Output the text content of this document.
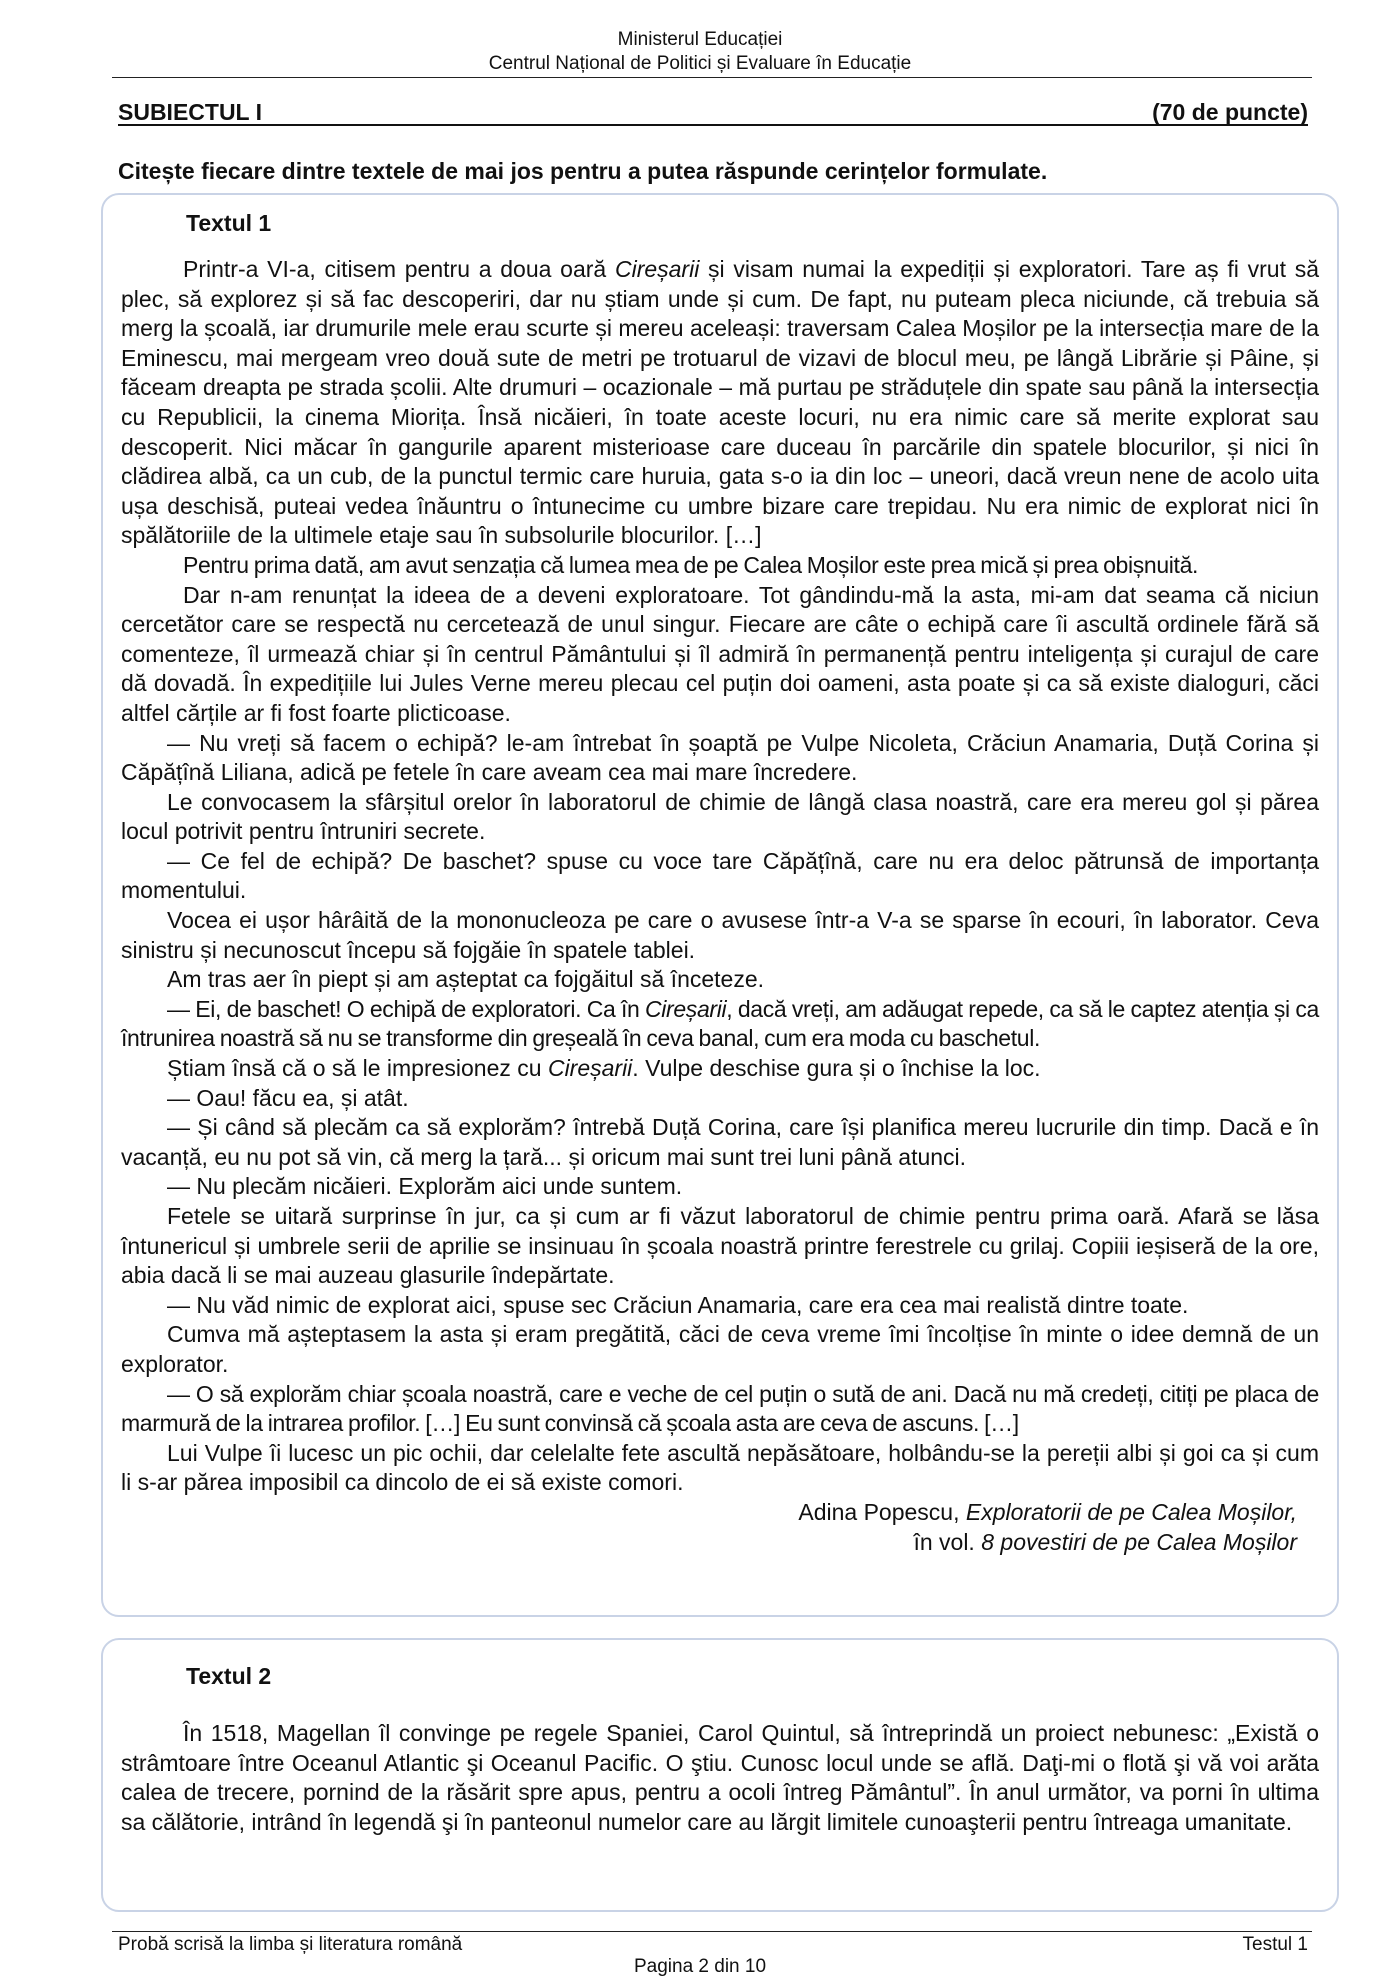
Ministerul Educației
Centrul Național de Politici și Evaluare în Educație
SUBIECTUL I	(70 de puncte)
Citește fiecare dintre textele de mai jos pentru a putea răspunde cerințelor formulate.
Textul 1

Printr-a VI-a, citisem pentru a doua oară Cireșarii și visam numai la expediții și exploratori. Tare aș fi vrut să plec, să explorez și să fac descoperiri, dar nu știam unde și cum. De fapt, nu puteam pleca niciunde, că trebuia să merg la școală, iar drumurile mele erau scurte și mereu aceleași: traversam Calea Moșilor pe la intersecția mare de la Eminescu, mai mergeam vreo două sute de metri pe trotuarul de vizavi de blocul meu, pe lângă Librărie și Pâine, și făceam dreapta pe strada școlii. Alte drumuri – ocazionale – mă purtau pe străduțele din spate sau până la intersecția cu Republicii, la cinema Miorița. Însă nicăieri, în toate aceste locuri, nu era nimic care să merite explorat sau descoperit. Nici măcar în gangurile aparent misterioase care duceau în parcările din spatele blocurilor, și nici în clădirea albă, ca un cub, de la punctul termic care huruia, gata s-o ia din loc – uneori, dacă vreun nene de acolo uita ușa deschisă, puteai vedea înăuntru o întunecime cu umbre bizare care trepidau. Nu era nimic de explorat nici în spălătoriile de la ultimele etaje sau în subsolurile blocurilor. […]

Pentru prima dată, am avut senzația că lumea mea de pe Calea Moșilor este prea mică și prea obișnuită.

Dar n-am renunțat la ideea de a deveni exploratoare. Tot gândindu-mă la asta, mi-am dat seama că niciun cercetător care se respectă nu cercetează de unul singur. Fiecare are câte o echipă care îi ascultă ordinele fără să comenteze, îl urmează chiar și în centrul Pământului și îl admiră în permanență pentru inteligența și curajul de care dă dovadă. În expedițiile lui Jules Verne mereu plecau cel puțin doi oameni, asta poate și ca să existe dialoguri, căci altfel cărțile ar fi fost foarte plicticoase.

— Nu vreți să facem o echipă? le-am întrebat în șoaptă pe Vulpe Nicoleta, Crăciun Anamaria, Duță Corina și Căpățînă Liliana, adică pe fetele în care aveam cea mai mare încredere.

Le convocasem la sfârșitul orelor în laboratorul de chimie de lângă clasa noastră, care era mereu gol și părea locul potrivit pentru întruniri secrete.

— Ce fel de echipă? De baschet? spuse cu voce tare Căpățînă, care nu era deloc pătrunsă de importanța momentului.

Vocea ei ușor hârâită de la mononucleoza pe care o avusese într-a V-a se sparse în ecouri, în laborator. Ceva sinistru și necunoscut începu să fojgăie în spatele tablei.

Am tras aer în piept și am așteptat ca fojgăitul să înceteze.

— Ei, de baschet! O echipă de exploratori. Ca în Cireșarii, dacă vreți, am adăugat repede, ca să le captez atenția și ca întrunirea noastră să nu se transforme din greșeală în ceva banal, cum era moda cu baschetul.

Știam însă că o să le impresionez cu Cireșarii. Vulpe deschise gura și o închise la loc.

— Oau! făcu ea, și atât.

— Și când să plecăm ca să explorăm? întrebă Duță Corina, care își planifica mereu lucrurile din timp. Dacă e în vacanță, eu nu pot să vin, că merg la țară... și oricum mai sunt trei luni până atunci.

— Nu plecăm nicăieri. Explorăm aici unde suntem.

Fetele se uitară surprinse în jur, ca și cum ar fi văzut laboratorul de chimie pentru prima oară. Afară se lăsa întunericul și umbrele serii de aprilie se insinuau în școala noastră printre ferestrele cu grilaj. Copiii ieșiseră de la ore, abia dacă li se mai auzeau glasurile îndepărtate.

— Nu văd nimic de explorat aici, spuse sec Crăciun Anamaria, care era cea mai realistă dintre toate.

Cumva mă așteptasem la asta și eram pregătită, căci de ceva vreme îmi încolțise în minte o idee demnă de un explorator.

— O să explorăm chiar școala noastră, care e veche de cel puțin o sută de ani. Dacă nu mă credeți, citiți pe placa de marmură de la intrarea profilor. […] Eu sunt convinsă că școala asta are ceva de ascuns. […]

Lui Vulpe îi lucesc un pic ochii, dar celelalte fete ascultă nepăsătoare, holbându-se la pereții albi și goi ca și cum li s-ar părea imposibil ca dincolo de ei să existe comori.

Adina Popescu, Exploratorii de pe Calea Moșilor,

în vol. 8 povestiri de pe Calea Moșilor

Textul 2

În 1518, Magellan îl convinge pe regele Spaniei, Carol Quintul, să întreprindă un proiect nebunesc: „Există o strâmtoare între Oceanul Atlantic şi Oceanul Pacific. O ştiu. Cunosc locul unde se află. Daţi-mi o flotă şi vă voi arăta calea de trecere, pornind de la răsărit spre apus, pentru a ocoli întreg Pământul”. În anul următor, va porni în ultima sa călătorie, intrând în legendă şi în panteonul numelor care au lărgit limitele cunoaşterii pentru întreaga umanitate.

Probă scrisă la limba și literatura română	Testul 1
Pagina 2 din 10
